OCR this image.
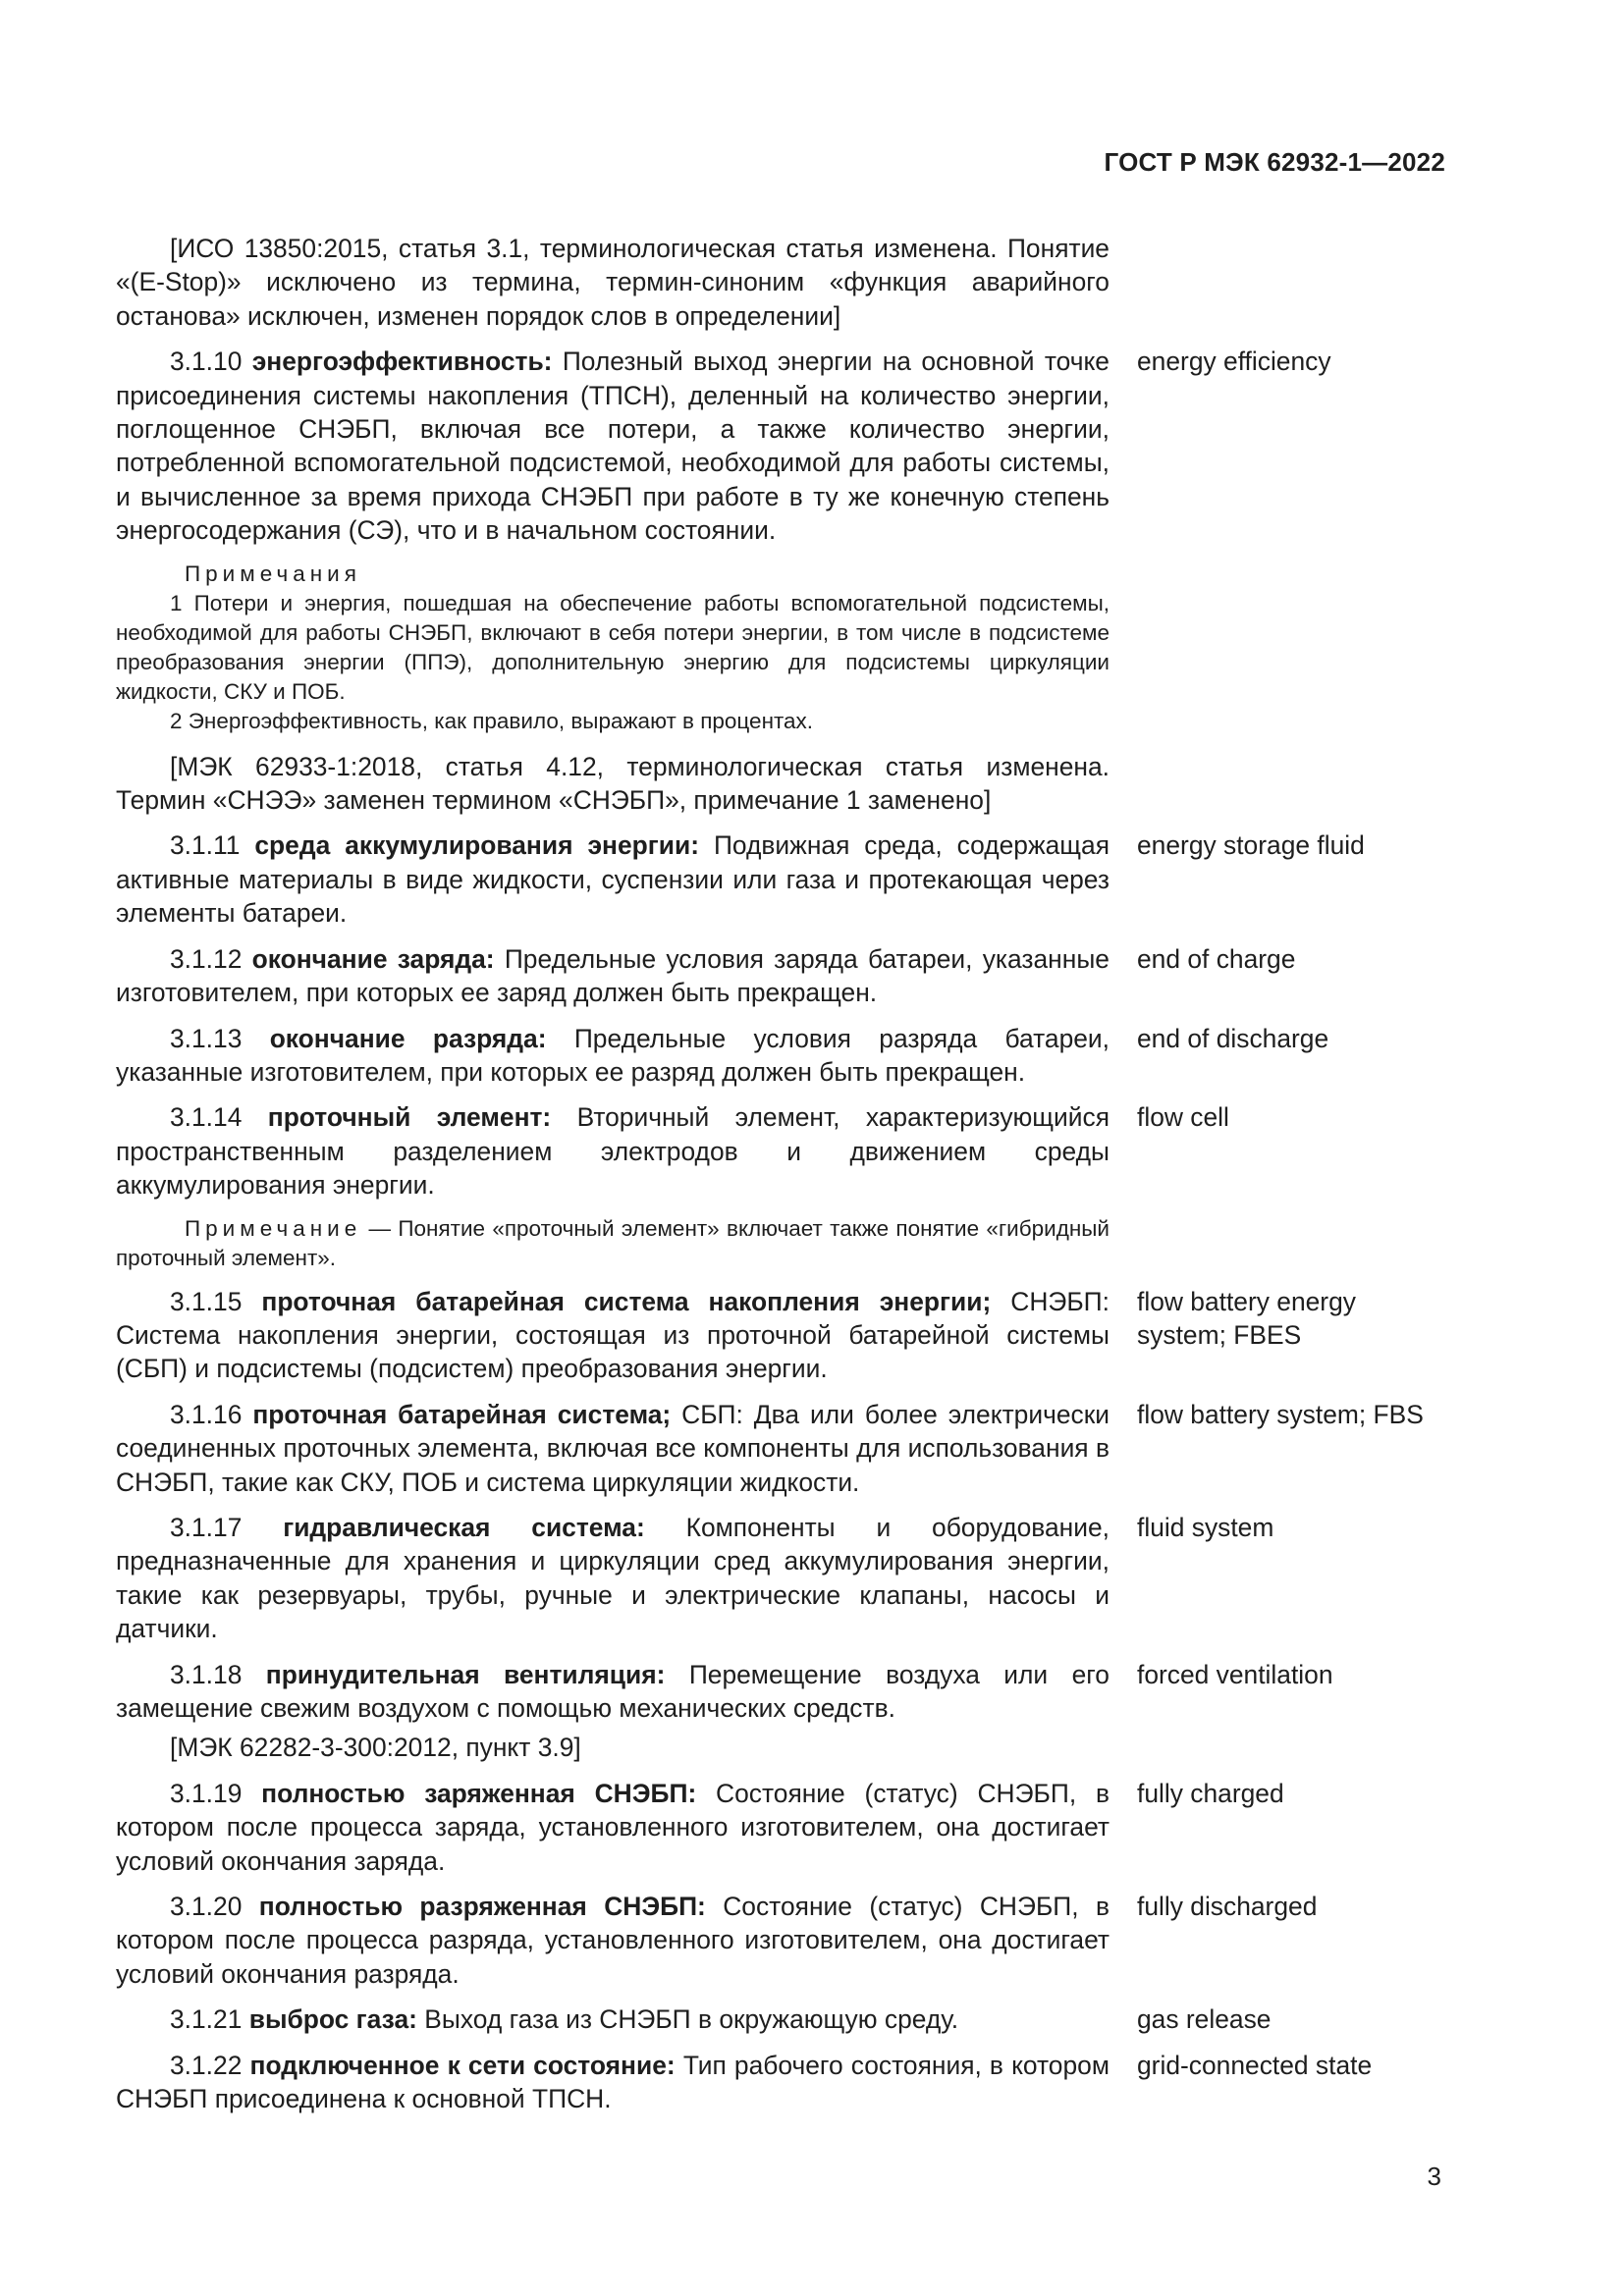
ГОСТ Р МЭК 62932-1—2022
[ИСО 13850:2015, статья 3.1, терминологическая статья изменена. Понятие «(E-Stop)» исключено из термина, термин-синоним «функция аварийного останова» исключен, изменен порядок слов в определении]
3.1.10 энергоэффективность: Полезный выход энергии на основной точке присоединения системы накопления (ТПСН), деленный на количество энергии, поглощенное СНЭБП, включая все потери, а также количество энергии, потребленной вспомогательной подсистемой, необходимой для работы системы, и вычисленное за время прихода СНЭБП при работе в ту же конечную степень энергосодержания (СЭ), что и в начальном состоянии.
energy efficiency
Примечания
1 Потери и энергия, пошедшая на обеспечение работы вспомогательной подсистемы, необходимой для работы СНЭБП, включают в себя потери энергии, в том числе в подсистеме преобразования энергии (ППЭ), дополнительную энергию для подсистемы циркуляции жидкости, СКУ и ПОБ.
2 Энергоэффективность, как правило, выражают в процентах.
[МЭК 62933-1:2018, статья 4.12, терминологическая статья изменена. Термин «СНЭЭ» заменен термином «СНЭБП», примечание 1 заменено]
3.1.11 среда аккумулирования энергии: Подвижная среда, содержащая активные материалы в виде жидкости, суспензии или газа и протекающая через элементы батареи.
energy storage fluid
3.1.12 окончание заряда: Предельные условия заряда батареи, указанные изготовителем, при которых ее заряд должен быть прекращен.
end of charge
3.1.13 окончание разряда: Предельные условия разряда батареи, указанные изготовителем, при которых ее разряд должен быть прекращен.
end of discharge
3.1.14 проточный элемент: Вторичный элемент, характеризующийся пространственным разделением электродов и движением среды аккумулирования энергии.
flow cell
Примечание — Понятие «проточный элемент» включает также понятие «гибридный проточный элемент».
3.1.15 проточная батарейная система накопления энергии; СНЭБП: Система накопления энергии, состоящая из проточной батарейной системы (СБП) и подсистемы (подсистем) преобразования энергии.
flow battery energy system; FBES
3.1.16 проточная батарейная система; СБП: Два или более электрически соединенных проточных элемента, включая все компоненты для использования в СНЭБП, такие как СКУ, ПОБ и система циркуляции жидкости.
flow battery system; FBS
3.1.17 гидравлическая система: Компоненты и оборудование, предназначенные для хранения и циркуляции сред аккумулирования энергии, такие как резервуары, трубы, ручные и электрические клапаны, насосы и датчики.
fluid system
3.1.18 принудительная вентиляция: Перемещение воздуха или его замещение свежим воздухом с помощью механических средств.
forced ventilation
[МЭК 62282-3-300:2012, пункт 3.9]
3.1.19 полностью заряженная СНЭБП: Состояние (статус) СНЭБП, в котором после процесса заряда, установленного изготовителем, она достигает условий окончания заряда.
fully charged
3.1.20 полностью разряженная СНЭБП: Состояние (статус) СНЭБП, в котором после процесса разряда, установленного изготовителем, она достигает условий окончания разряда.
fully discharged
3.1.21 выброс газа: Выход газа из СНЭБП в окружающую среду.	gas release
3.1.22 подключенное к сети состояние: Тип рабочего состояния, в котором СНЭБП присоединена к основной ТПСН.
grid-connected state
3
